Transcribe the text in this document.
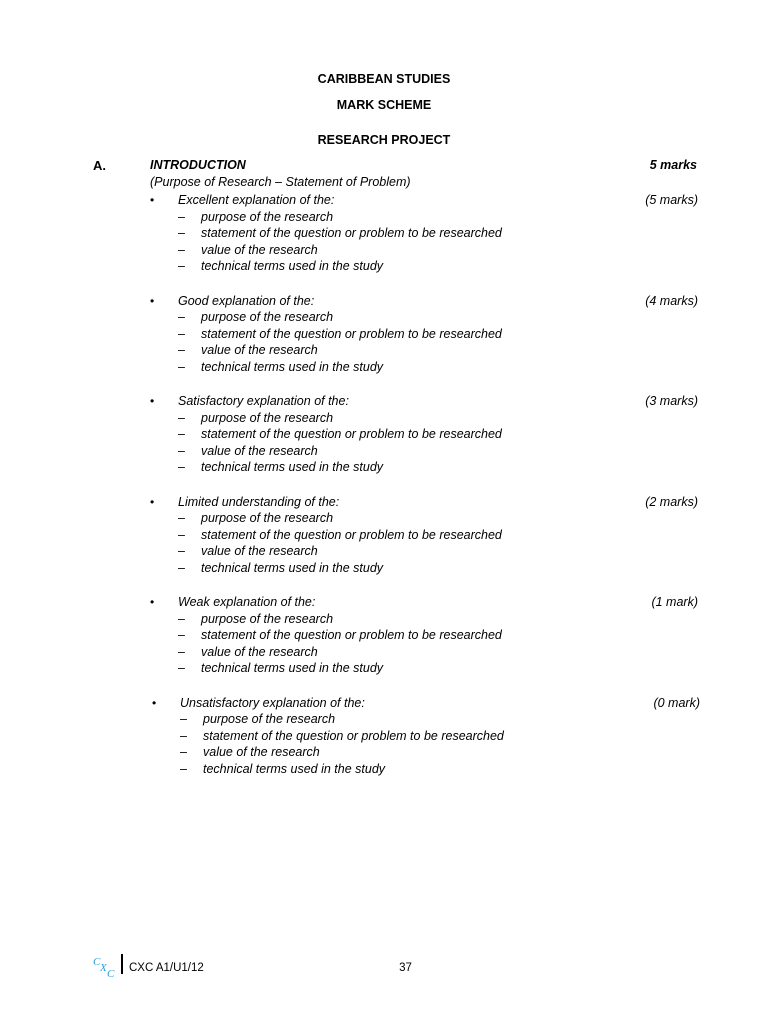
CARIBBEAN STUDIES
MARK SCHEME
RESEARCH PROJECT
A.	INTRODUCTION	5 marks
(Purpose of Research – Statement of Problem)
• Excellent explanation of the:	(5 marks)
– purpose of the research
– statement of the question or problem to be researched
– value of the research
– technical terms used in the study
• Good explanation of the:	(4 marks)
– purpose of the research
– statement of the question or problem to be researched
– value of the research
– technical terms used in the study
• Satisfactory explanation of the:	(3 marks)
– purpose of the research
– statement of the question or problem to be researched
– value of the research
– technical terms used in the study
• Limited understanding of the:	(2 marks)
– purpose of the research
– statement of the question or problem to be researched
– value of the research
– technical terms used in the study
• Weak explanation of the:	(1 mark)
– purpose of the research
– statement of the question or problem to be researched
– value of the research
– technical terms used in the study
• Unsatisfactory explanation of the:	(0 mark)
– purpose of the research
– statement of the question or problem to be researched
– value of the research
– technical terms used in the study
C X C CXC A1/U1/12	37
